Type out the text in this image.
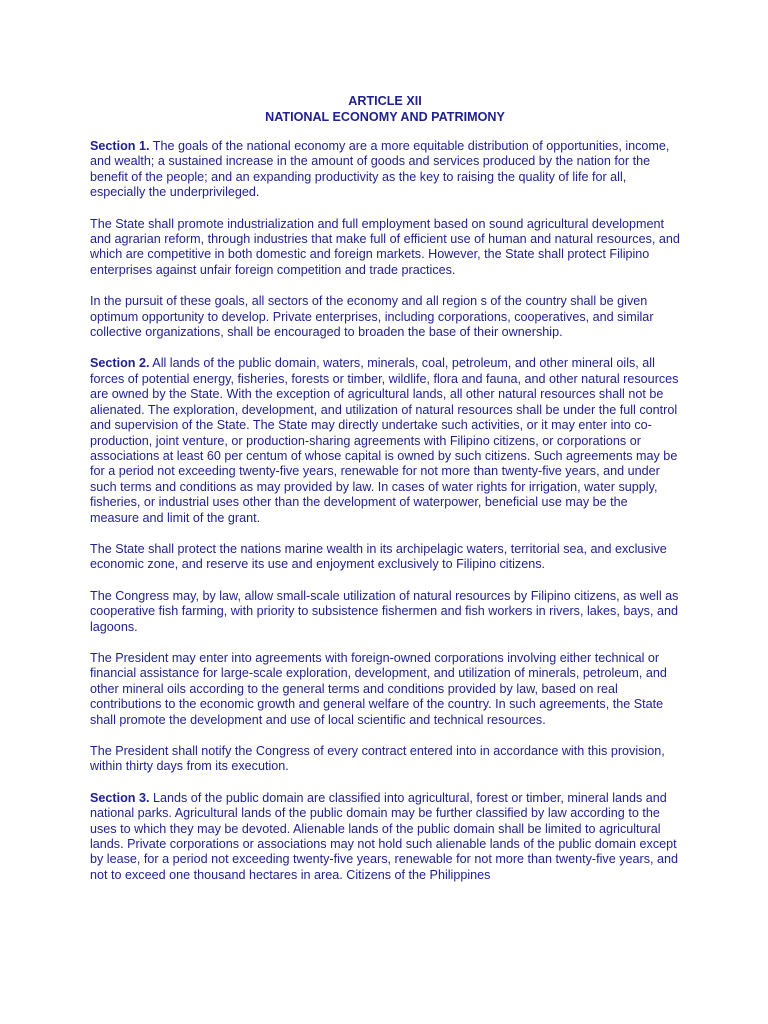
ARTICLE XII
NATIONAL ECONOMY AND PATRIMONY

Section 1. The goals of the national economy are a more equitable distribution of opportunities, income, and wealth; a sustained increase in the amount of goods and services produced by the nation for the benefit of the people; and an expanding productivity as the key to raising the quality of life for all, especially the underprivileged.

The State shall promote industrialization and full employment based on sound agricultural development and agrarian reform, through industries that make full of efficient use of human and natural resources, and which are competitive in both domestic and foreign markets. However, the State shall protect Filipino enterprises against unfair foreign competition and trade practices.

In the pursuit of these goals, all sectors of the economy and all region s of the country shall be given optimum opportunity to develop. Private enterprises, including corporations, cooperatives, and similar collective organizations, shall be encouraged to broaden the base of their ownership.

Section 2. All lands of the public domain, waters, minerals, coal, petroleum, and other mineral oils, all forces of potential energy, fisheries, forests or timber, wildlife, flora and fauna, and other natural resources are owned by the State. With the exception of agricultural lands, all other natural resources shall not be alienated. The exploration, development, and utilization of natural resources shall be under the full control and supervision of the State. The State may directly undertake such activities, or it may enter into co-production, joint venture, or production-sharing agreements with Filipino citizens, or corporations or associations at least 60 per centum of whose capital is owned by such citizens. Such agreements may be for a period not exceeding twenty-five years, renewable for not more than twenty-five years, and under such terms and conditions as may provided by law. In cases of water rights for irrigation, water supply, fisheries, or industrial uses other than the development of waterpower, beneficial use may be the measure and limit of the grant.

The State shall protect the nations marine wealth in its archipelagic waters, territorial sea, and exclusive economic zone, and reserve its use and enjoyment exclusively to Filipino citizens.

The Congress may, by law, allow small-scale utilization of natural resources by Filipino citizens, as well as cooperative fish farming, with priority to subsistence fishermen and fish workers in rivers, lakes, bays, and lagoons.

The President may enter into agreements with foreign-owned corporations involving either technical or financial assistance for large-scale exploration, development, and utilization of minerals, petroleum, and other mineral oils according to the general terms and conditions provided by law, based on real contributions to the economic growth and general welfare of the country. In such agreements, the State shall promote the development and use of local scientific and technical resources.

The President shall notify the Congress of every contract entered into in accordance with this provision, within thirty days from its execution.

Section 3. Lands of the public domain are classified into agricultural, forest or timber, mineral lands and national parks. Agricultural lands of the public domain may be further classified by law according to the uses to which they may be devoted. Alienable lands of the public domain shall be limited to agricultural lands. Private corporations or associations may not hold such alienable lands of the public domain except by lease, for a period not exceeding twenty-five years, renewable for not more than twenty-five years, and not to exceed one thousand hectares in area. Citizens of the Philippines
